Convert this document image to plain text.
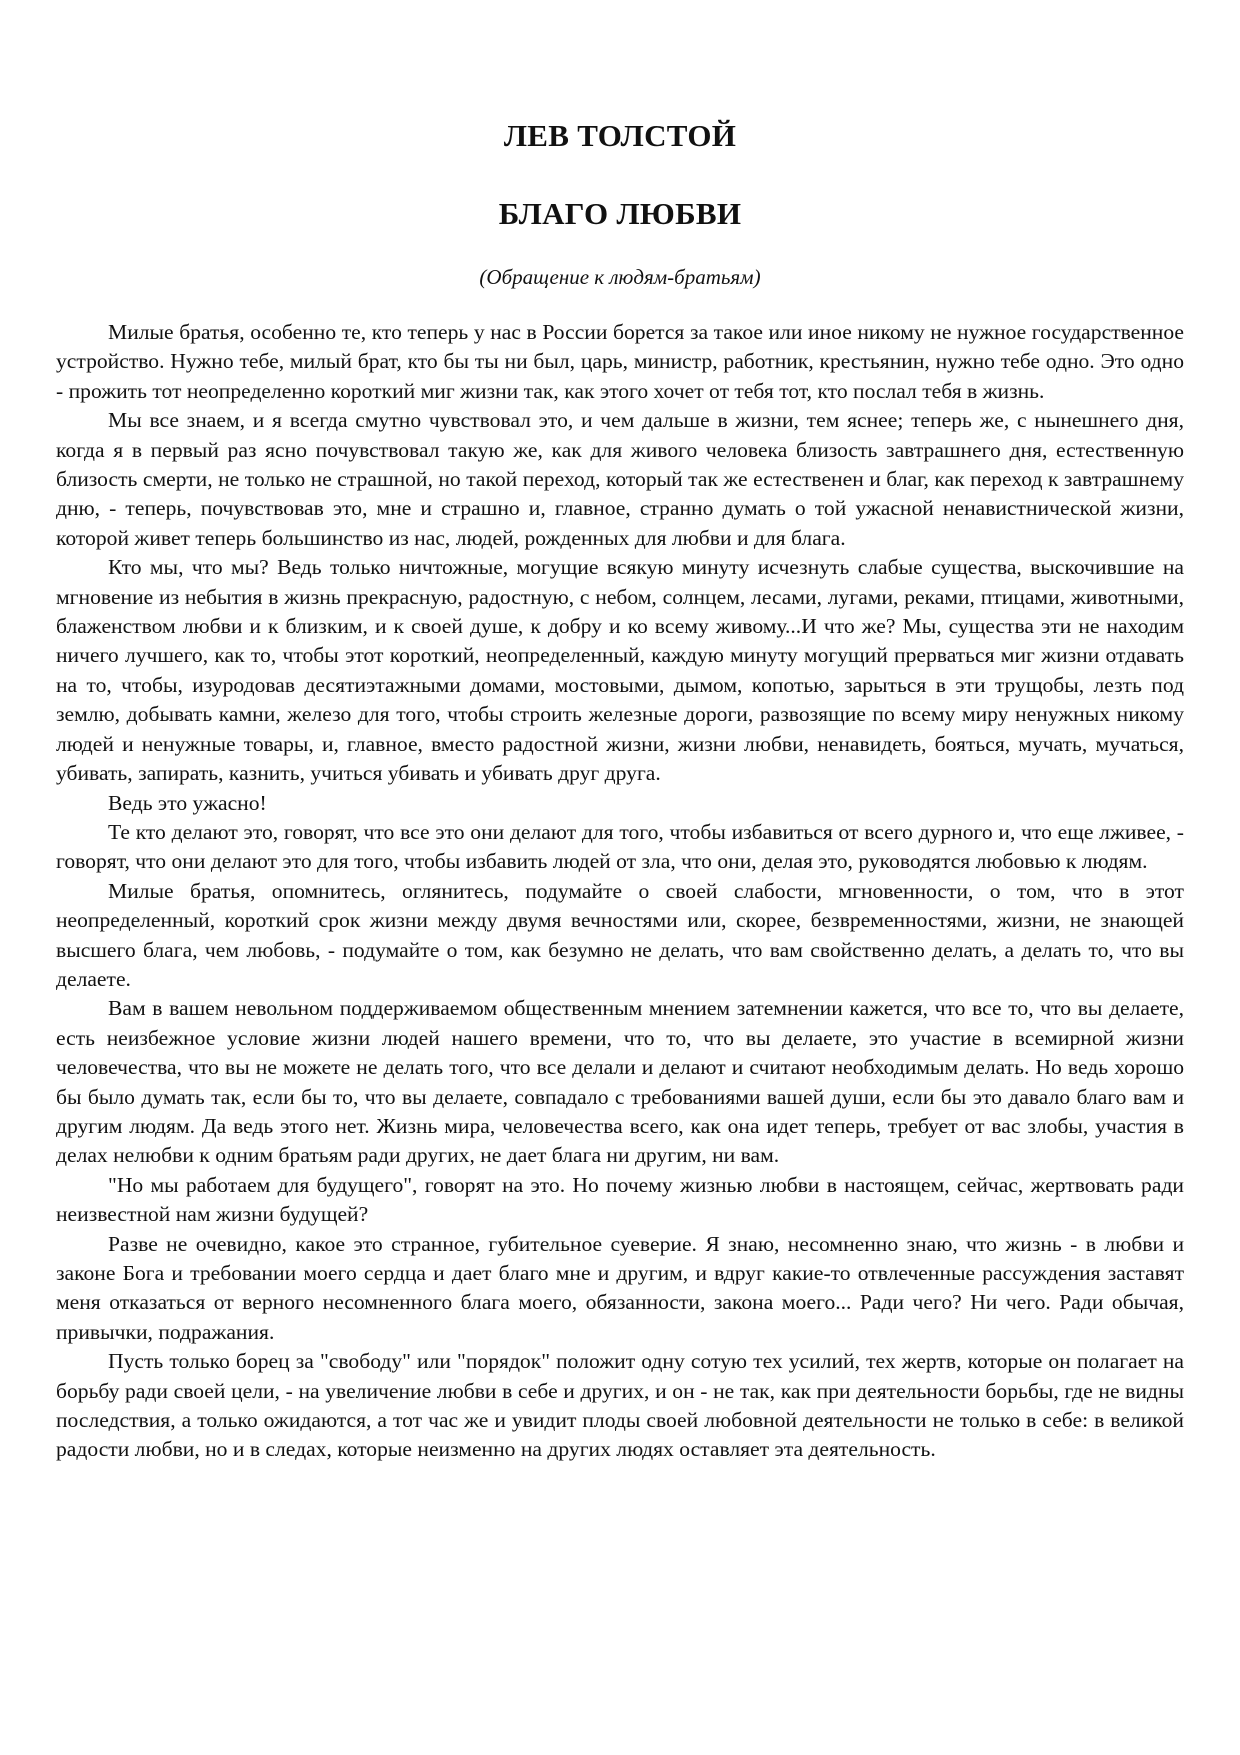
ЛЕВ ТОЛСТОЙ
БЛАГО ЛЮБВИ
(Обращение к людям-братьям)

Милые братья, особенно те, кто теперь у нас в России борется за такое или иное никому не нужное государственное устройство. Нужно тебе, милый брат, кто бы ты ни был, царь, министр, работник, крестьянин, нужно тебе одно. Это одно - прожить тот неопределенно короткий миг жизни так, как этого хочет от тебя тот, кто послал тебя в жизнь.

Мы все знаем, и я всегда смутно чувствовал это, и чем дальше в жизни, тем яснее; теперь же, с нынешнего дня, когда я в первый раз ясно почувствовал такую же, как для живого человека близость завтрашнего дня, естественную близость смерти, не только не страшной, но такой переход, который так же естественен и благ, как переход к завтрашнему дню, - теперь, почувствовав это, мне и страшно и, главное, странно думать о той ужасной ненавистнической жизни, которой живет теперь большинство из нас, людей, рожденных для любви и для блага.

Кто мы, что мы? Ведь только ничтожные, могущие всякую минуту исчезнуть слабые существа, выскочившие на мгновение из небытия в жизнь прекрасную, радостную, с небом, солнцем, лесами, лугами, реками, птицами, животными, блаженством любви и к близким, и к своей душе, к добру и ко всему живому...И что же? Мы, существа эти не находим ничего лучшего, как то, чтобы этот короткий, неопределенный, каждую минуту могущий прерваться миг жизни отдавать на то, чтобы, изуродовав десятиэтажными домами, мостовыми, дымом, копотью, зарыться в эти трущобы, лезть под землю, добывать камни, железо для того, чтобы строить железные дороги, развозящие по всему миру ненужных никому людей и ненужные товары, и, главное, вместо радостной жизни, жизни любви, ненавидеть, бояться, мучать, мучаться, убивать, запирать, казнить, учиться убивать и убивать друг друга.

Ведь это ужасно!

Те кто делают это, говорят, что все это они делают для того, чтобы избавиться от всего дурного и, что еще лживее, - говорят, что они делают это для того, чтобы избавить людей от зла, что они, делая это, руководятся любовью к людям.

Милые братья, опомнитесь, оглянитесь, подумайте о своей слабости, мгновенности, о том, что в этот неопределенный, короткий срок жизни между двумя вечностями или, скорее, безвременностями, жизни, не знающей высшего блага, чем любовь, - подумайте о том, как безумно не делать, что вам свойственно делать, а делать то, что вы делаете.

Вам в вашем невольном поддерживаемом общественным мнением затемнении кажется, что все то, что вы делаете, есть неизбежное условие жизни людей нашего времени, что то, что вы делаете, это участие в всемирной жизни человечества, что вы не можете не делать того, что все делали и делают и считают необходимым делать. Но ведь хорошо бы было думать так, если бы то, что вы делаете, совпадало с требованиями вашей души, если бы это давало благо вам и другим людям. Да ведь этого нет. Жизнь мира, человечества всего, как она идет теперь, требует от вас злобы, участия в делах нелюбви к одним братьям ради других, не дает блага ни другим, ни вам.

"Но мы работаем для будущего", говорят на это. Но почему жизнью любви в настоящем, сейчас, жертвовать ради неизвестной нам жизни будущей?

Разве не очевидно, какое это странное, губительное суеверие. Я знаю, несомненно знаю, что жизнь - в любви и законе Бога и требовании моего сердца и дает благо мне и другим, и вдруг какие-то отвлеченные рассуждения заставят меня отказаться от верного несомненного блага моего, обязанности, закона моего... Ради чего? Ни чего. Ради обычая, привычки, подражания.

Пусть только борец за "свободу" или "порядок" положит одну сотую тех усилий, тех жертв, которые он полагает на борьбу ради своей цели, - на увеличение любви в себе и других, и он - не так, как при деятельности борьбы, где не видны последствия, а только ожидаются, а тот час же и увидит плоды своей любовной деятельности не только в себе: в великой радости любви, но и в следах, которые неизменно на других людях оставляет эта деятельность.
